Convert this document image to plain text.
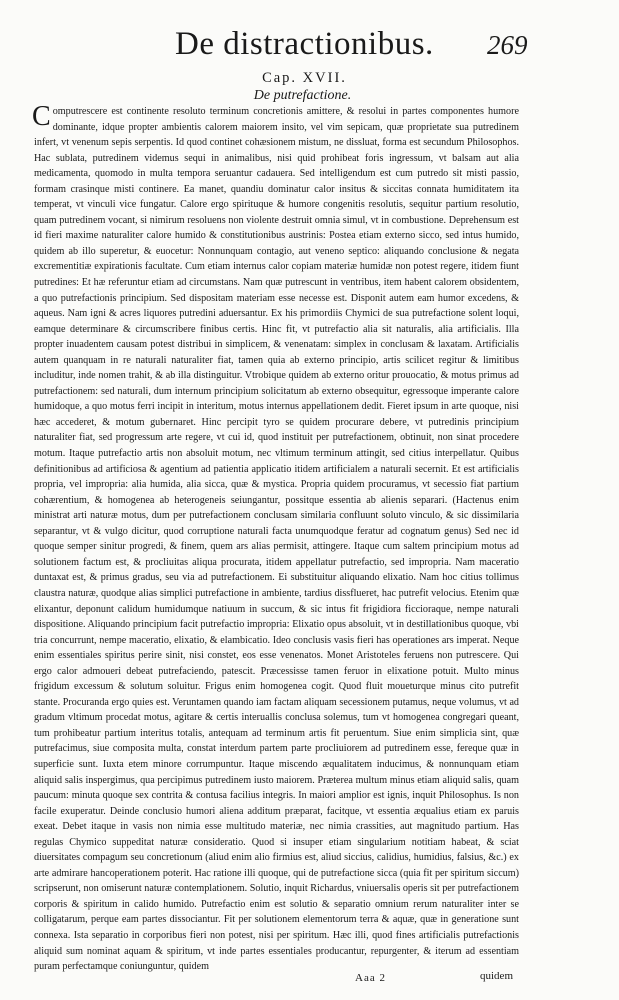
De distractionibus. 269
Cap. XVII.
De putrefactione.

Computrescere est continente resoluto terminum concretionis amittere, & resolui in partes componentes humore dominante, idque propter ambientis calorem maiorem insito, vel vim sepicam, quæ proprietate sua putredinem infert, vt venenum sepis serpentis. Id quod continet cohæsionem mistum, ne dissluat, forma est secundum Philosophos. Hac sublata, putredinem videmus sequi in animalibus, nisi quid prohibeat foris ingressum, vt balsam aut alia medicamenta, quomodo in multa tempora seruantur cadauera. Sed intelligendum est cum putredo sit misti passio, formam crasinque misti continere. Ea manet, quandiu dominatur calor insitus & siccitas connata humiditatem ita temperat, vt vinculi vice fungatur. Calore ergo spirituque & humore congenitis resolutis, sequitur partium resolutio, quam putredinem vocant, si nimirum resoluens non violente destruit omnia simul, vt in combustione. Deprehensum est id fieri maxime naturaliter calore humido & constitutionibus austrinis: Postea etiam externo sicco, sed intus humido, quidem ab illo superetur, & euocetur: Nonnunquam contagio, aut veneno septico: aliquando conclusione & negata excrementitiæ expirationis facultate. Cum etiam internus calor copiam materiæ humidæ non potest regere, itidem fiunt putredines: Et hæ referuntur etiam ad circumstans. Nam quæ putrescunt in ventribus, item habent calorem obsidentem, a quo putrefactionis principium. Sed dispositam materiam esse necesse est. Disponit autem eam humor excedens, & aqueus. Nam igni & acres liquores putredini aduersantur. Ex his primordiis Chymici de sua putrefactione solent loqui, eamque determinare & circumscribere finibus certis. Hinc fit, vt putrefactio alia sit naturalis, alia artificialis. Illa propter inuadentem causam potest distribui in simplicem, & venenatam: simplex in conclusam & laxatam. Artificialis autem quanquam in re naturali naturaliter fiat, tamen quia ab externo principio, artis scilicet regitur & limitibus includitur, inde nomen trahit, & ab illa distinguitur. Vtrobique quidem ab externo oritur prouocatio, & motus primus ad putrefactionem: sed naturali, dum internum principium solicitatum ab externo obsequitur, egressoque imperante calore humidoque, a quo motus ferri incipit in interitum, motus internus appellationem dedit. Fieret ipsum in arte quoque, nisi hæc accederet, & motum gubernaret. Hinc percipit tyro se quidem procurare debere, vt putredinis principium naturaliter fiat, sed progressum arte regere, vt cui id, quod instituit per putrefactionem, obtinuit, non sinat procedere motum. Itaque putrefactio artis non absoluit motum, nec vltimum terminum attingit, sed citius interpellatur. Quibus definitionibus ad artificiosa & agentium ad patientia applicatio itidem artificialem a naturali secernit. Et est artificialis propria, vel impropria: alia humida, alia sicca, quæ & mystica. Propria quidem procuramus, vt secessio fiat partium cohærentium, & homogenea ab heterogeneis seiungantur, possitque essentia ab alienis separari. (Hactenus enim ministrat arti naturæ motus, dum per putrefactionem conclusam similaria confluunt soluto vinculo, & sic dissimilaria separantur, vt & vulgo dicitur, quod corruptione naturali facta unumquodque feratur ad cognatum genus) Sed nec id quoque semper sinitur progredi, & finem, quem ars alias permisit, attingere. Itaque cum saltem principium motus ad solutionem factum est, & procliuitas aliqua procurata, itidem appellatur putrefactio, sed impropria. Nam maceratio duntaxat est, & primus gradus, seu via ad putrefactionem. Ei substituitur aliquando elixatio. Nam hoc citius tollimus claustra naturæ, quodque alias simplici putrefactione in ambiente, tardius dissflueret, hac putrefit velocius. Etenim quæ elixantur, deponunt calidum humidumque natiuum in succum, & sic intus fit frigidiora ficcioraque, nempe naturali dispositione. Aliquando principium facit putrefactio impropria: Elixatio opus absoluit, vt in destillationibus quoque, vbi tria concurrunt, nempe maceratio, elixatio, & elambicatio. Ideo conclusis vasis fieri has operationes ars imperat. Neque enim essentiales spiritus perire sinit, nisi constet, eos esse venenatos. Monet Aristoteles feruens non putrescere. Qui ergo calor admoueri debeat putrefaciendo, patescit. Præcessisse tamen feruor in elixatione potuit. Multo minus frigidum excessum & solutum soluitur. Frigus enim homogenea cogit. Quod fluit moueturque minus cito putrefit stante. Procuranda ergo quies est. Veruntamen quando iam factam aliquam secessionem putamus, neque volumus, vt ad gradum vltimum procedat motus, agitare & certis interuallis conclusa solemus, tum vt homogenea congregari queant, tum prohibeatur partium interitus totalis, antequam ad terminum artis fit peruentum. Siue enim simplicia sint, quæ putrefacimus, siue composita multa, constat interdum partem parte procliuiorem ad putredinem esse, fereque quæ in superficie sunt. Iuxta etem minore corrumpuntur. Itaque miscendo æqualitatem inducimus, & nonnunquam etiam aliquid salis inspergimus, qua percipimus putredinem iusto maiorem. Præterea multum minus etiam aliquid salis, quam paucum: minuta quoque sex contrita & contusa facilius integris. In maiori amplior est ignis, inquit Philosophus. Is non facile exuperatur. Deinde conclusio humori aliena additum præparat, facitque, vt essentia æqualius etiam ex paruis exeat. Debet itaque in vasis non nimia esse multitudo materiæ, nec nimia crassities, aut magnitudo partium. Has regulas Chymico suppeditat naturæ consideratio. Quod si insuper etiam singularium notitiam habeat, & sciat diuersitates compagum seu concretionum (aliud enim alio firmius est, aliud siccius, calidius, humidius, falsius, &c.) ex arte admirare hancoperationem poterit. Hac ratione illi quoque, qui de putrefactione sicca (quia fit per spiritum siccum) scripserunt, non omiserunt naturæ contemplationem. Solutio, inquit Richardus, vniuersalis operis sit per putrefactionem corporis & spiritum in calido humido. Putrefactio enim est solutio & separatio omnium rerum naturaliter inter se colligatarum, perque eam partes dissociantur. Fit per solutionem elementorum terra & aquæ, quæ in generatione sunt connexa. Ista separatio in corporibus fieri non potest, nisi per spiritum. Hæc illi, quod fines artificialis putrefactionis aliquid sum nominat aquam & spiritum, vt inde partes essentiales producantur, repurgenter, & iterum ad essentiam puram perfectamque coniunguntur, quidem

Aaa 2	quidem
